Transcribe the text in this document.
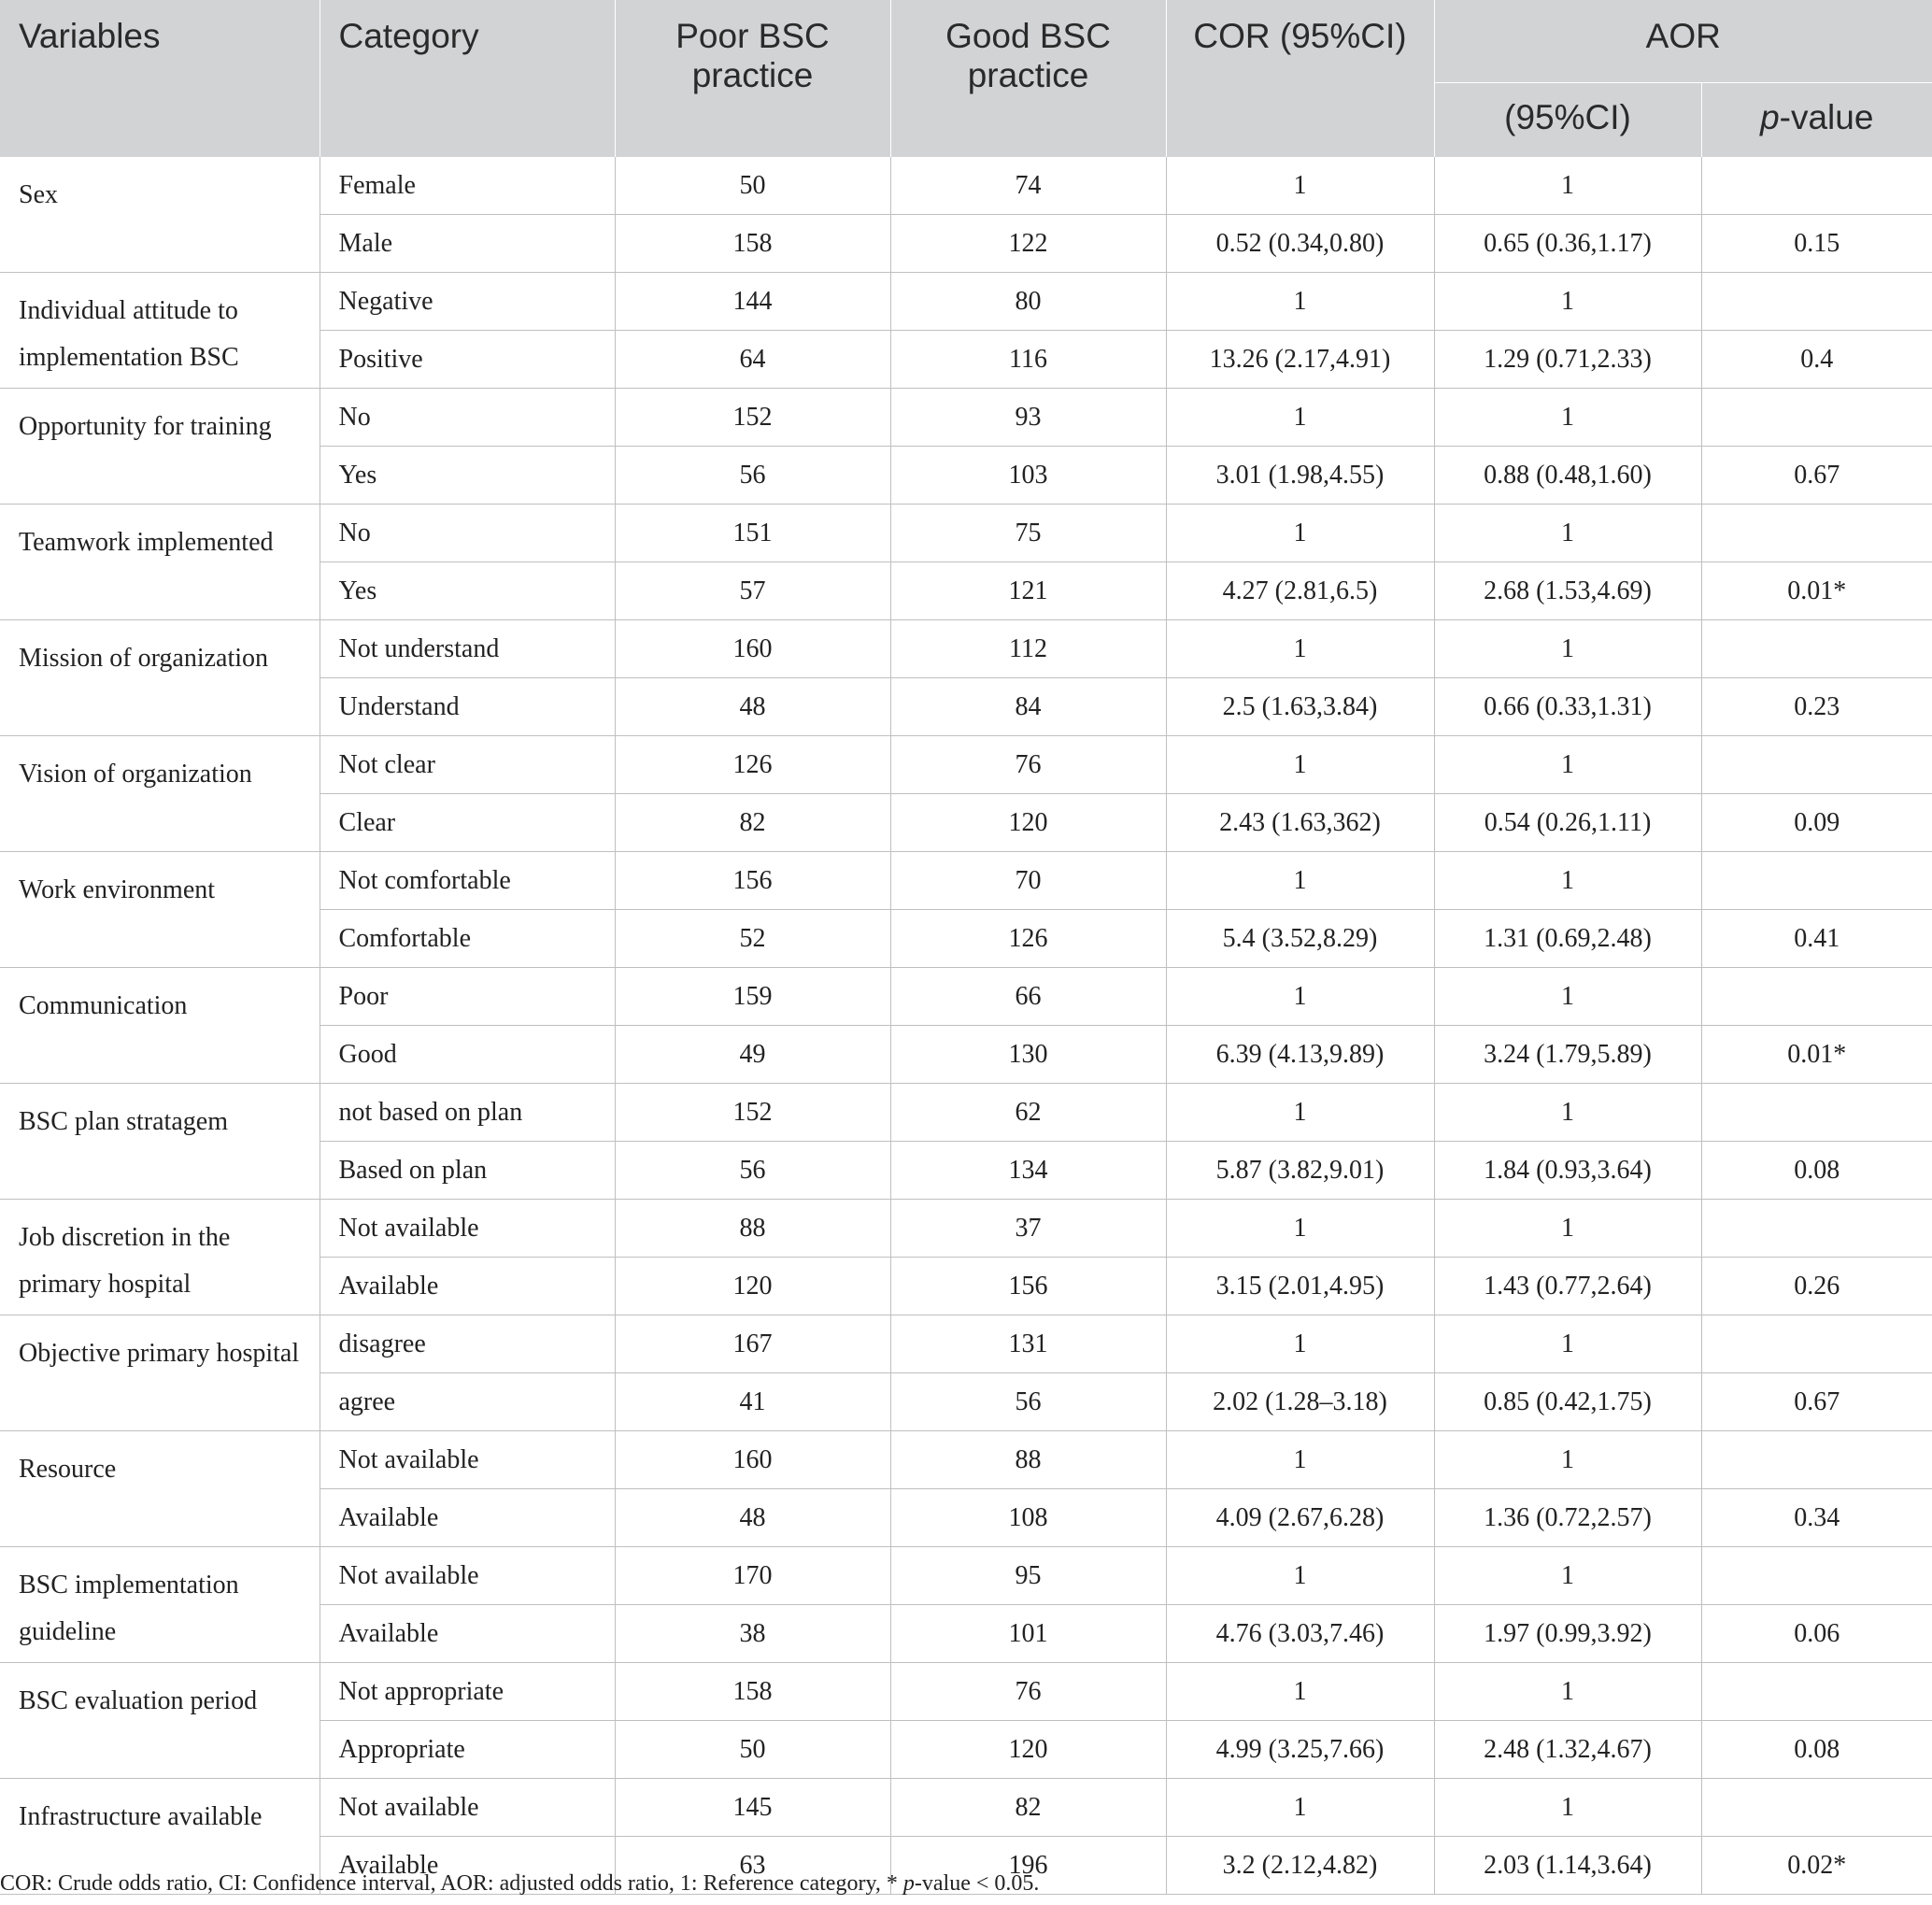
Variables	Category	Poor BSC practice	Good BSC practice	COR (95%CI)	AOR	
					(95%CI)	p-value
Sex	Female	50	74	1	1	
	Male	158	122	0.52 (0.34,0.80)	0.65 (0.36,1.17)	0.15
Individual attitude to implementation BSC	Negative	144	80	1	1	
	Positive	64	116	13.26 (2.17,4.91)	1.29 (0.71,2.33)	0.4
Opportunity for training	No	152	93	1	1	
	Yes	56	103	3.01 (1.98,4.55)	0.88 (0.48,1.60)	0.67
Teamwork implemented	No	151	75	1	1	
	Yes	57	121	4.27 (2.81,6.5)	2.68 (1.53,4.69)	0.01*
Mission of organization	Not understand	160	112	1	1	
	Understand	48	84	2.5 (1.63,3.84)	0.66 (0.33,1.31)	0.23
Vision of organization	Not clear	126	76	1	1	
	Clear	82	120	2.43 (1.63,362)	0.54 (0.26,1.11)	0.09
Work environment	Not comfortable	156	70	1	1	
	Comfortable	52	126	5.4 (3.52,8.29)	1.31 (0.69,2.48)	0.41
Communication	Poor	159	66	1	1	
	Good	49	130	6.39 (4.13,9.89)	3.24 (1.79,5.89)	0.01*
BSC plan stratagem	not based on plan	152	62	1	1	
	Based on plan	56	134	5.87 (3.82,9.01)	1.84 (0.93,3.64)	0.08
Job discretion in the primary hospital	Not available	88	37	1	1	
	Available	120	156	3.15 (2.01,4.95)	1.43 (0.77,2.64)	0.26
Objective primary hospital	disagree	167	131	1	1	
	agree	41	56	2.02 (1.28–3.18)	0.85 (0.42,1.75)	0.67
Resource	Not available	160	88	1	1	
	Available	48	108	4.09 (2.67,6.28)	1.36 (0.72,2.57)	0.34
BSC implementation guideline	Not available	170	95	1	1	
	Available	38	101	4.76 (3.03,7.46)	1.97 (0.99,3.92)	0.06
BSC evaluation period	Not appropriate	158	76	1	1	
	Appropriate	50	120	4.99 (3.25,7.66)	2.48 (1.32,4.67)	0.08
Infrastructure available	Not available	145	82	1	1	
	Available	63	196	3.2 (2.12,4.82)	2.03 (1.14,3.64)	0.02*
COR: Crude odds ratio, CI: Confidence interval, AOR: adjusted odds ratio, 1: Reference category, * p-value < 0.05.
